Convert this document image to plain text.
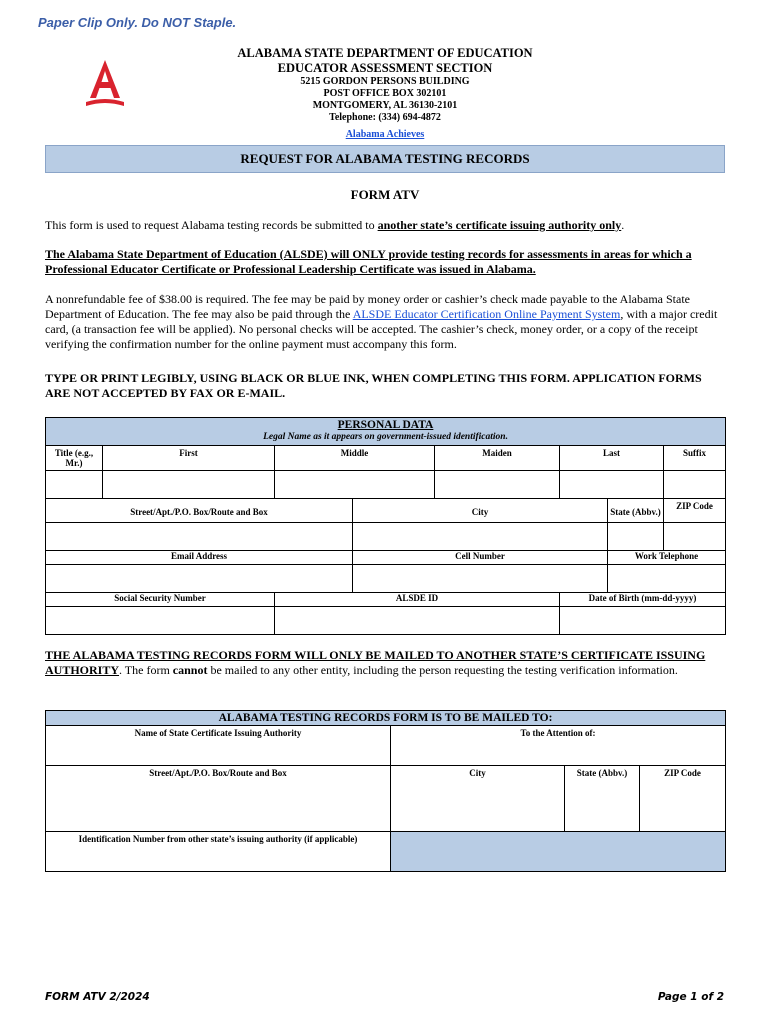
Paper Clip Only. Do NOT Staple.
ALABAMA STATE DEPARTMENT OF EDUCATION
EDUCATOR ASSESSMENT SECTION
5215 GORDON PERSONS BUILDING
POST OFFICE BOX 302101
MONTGOMERY, AL 36130-2101
Telephone: (334) 694-4872
Alabama Achieves
REQUEST FOR ALABAMA TESTING RECORDS
FORM ATV
This form is used to request Alabama testing records be submitted to another state’s certificate issuing authority only.
The Alabama State Department of Education (ALSDE) will ONLY provide testing records for assessments in areas for which a Professional Educator Certificate or Professional Leadership Certificate was issued in Alabama.
A nonrefundable fee of $38.00 is required. The fee may be paid by money order or cashier’s check made payable to the Alabama State Department of Education. The fee may also be paid through the ALSDE Educator Certification Online Payment System, with a major credit card, (a transaction fee will be applied). No personal checks will be accepted. The cashier’s check, money order, or a copy of the receipt verifying the confirmation number for the online payment must accompany this form.
TYPE OR PRINT LEGIBLY, USING BLACK OR BLUE INK, WHEN COMPLETING THIS FORM. APPLICATION FORMS ARE NOT ACCEPTED BY FAX OR E-MAIL.
PERSONAL DATA
Legal Name as it appears on government-issued identification.							

Title (e.g., Mr.)	First	Middle		Maiden	Last		Suffix

Street/Apt./P.O. Box/Route and Box			City			State (Abbv.)	ZIP Code

Email Address			Cell Number			Work Telephone	

Social Security Number		ALSDE ID			Date of Birth (mm-dd-yyyy)		

THE ALABAMA TESTING RECORDS FORM WILL ONLY BE MAILED TO ANOTHER STATE’S CERTIFICATE ISSUING AUTHORITY. The form cannot be mailed to any other entity, including the person requesting the testing verification information.
ALABAMA TESTING RECORDS FORM IS TO BE MAILED TO:			
Name of State Certificate Issuing Authority	To the Attention of:		
Street/Apt./P.O. Box/Route and Box	City	State (Abbv.)	ZIP Code
Identification Number from other state’s issuing authority (if applicable)			
FORM ATV 2/2024	Page 1 of 2
